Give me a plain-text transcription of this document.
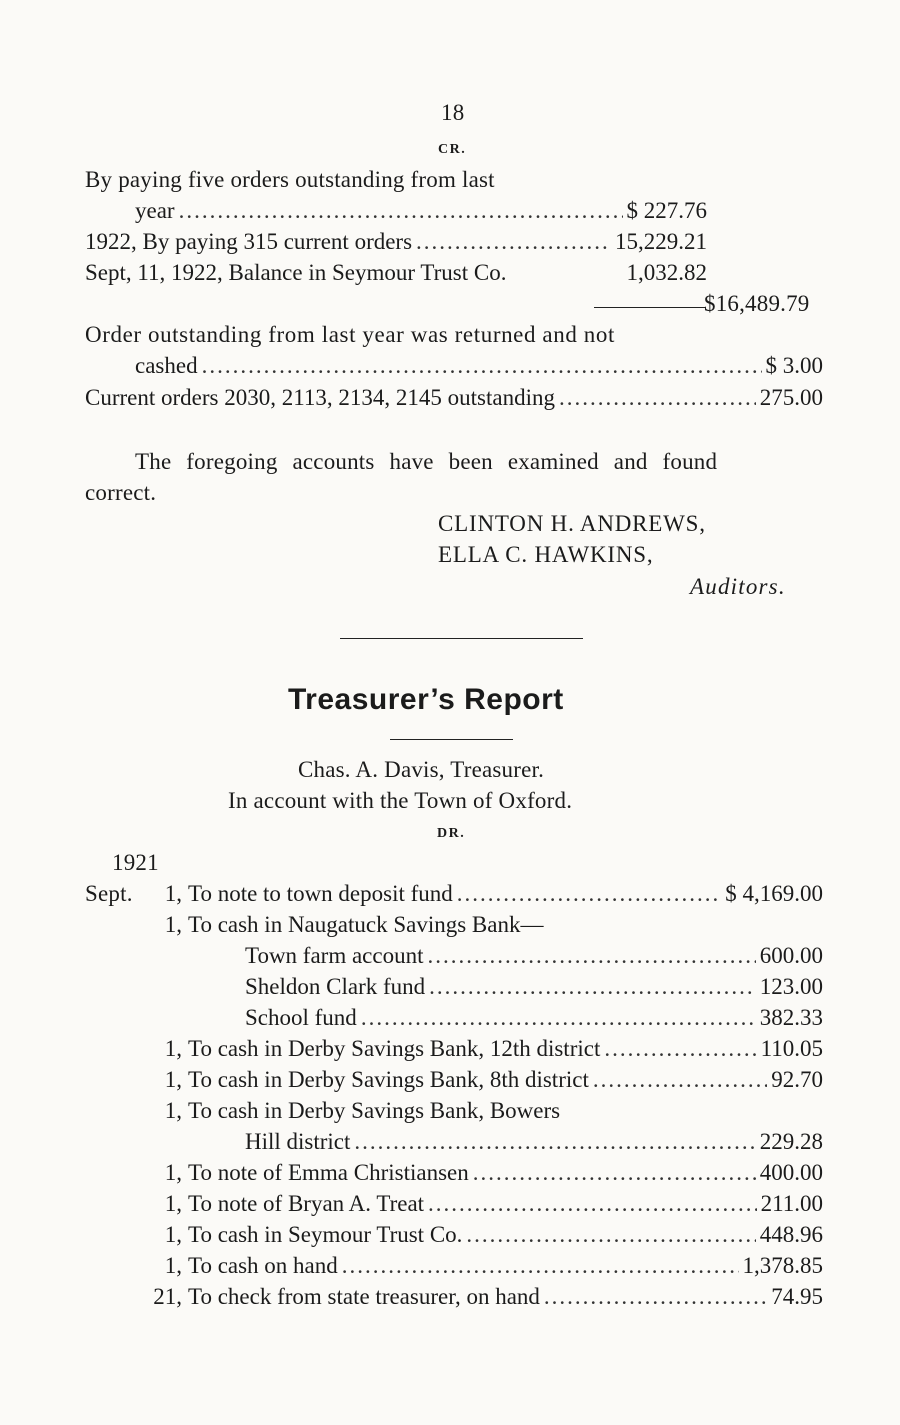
18
CR.
By paying five orders outstanding from last
year .....	$ 227.76
1922, By paying 315 current orders .....	15,229.21
Sept, 11, 1922, Balance in Seymour Trust Co.	1,032.82
$16,489.79
Order outstanding from last year was returned and not
cashed .....	$ 3.00
Current orders 2030, 2113, 2134, 2145 outstanding .....	275.00
The foregoing accounts have been examined and found
correct.
CLINTON H. ANDREWS,
ELLA C. HAWKINS,
Auditors.
Treasurer’s Report
Chas. A. Davis, Treasurer.
In account with the Town of Oxford.
DR.
1921
Sept.	1, To note to town deposit fund .....	$ 4,169.00
1, To cash in Naugatuck Savings Bank—
Town farm account .....	600.00
Sheldon Clark fund .....	123.00
School fund .....	382.33
1, To cash in Derby Savings Bank, 12th district .....	110.05
1, To cash in Derby Savings Bank, 8th district .....	92.70
1, To cash in Derby Savings Bank, Bowers
Hill district .....	229.28
1, To note of Emma Christiansen .....	400.00
1, To note of Bryan A. Treat .....	211.00
1, To cash in Seymour Trust Co. .....	448.96
1, To cash on hand .....	1,378.85
21, To check from state treasurer, on hand .....	74.95
